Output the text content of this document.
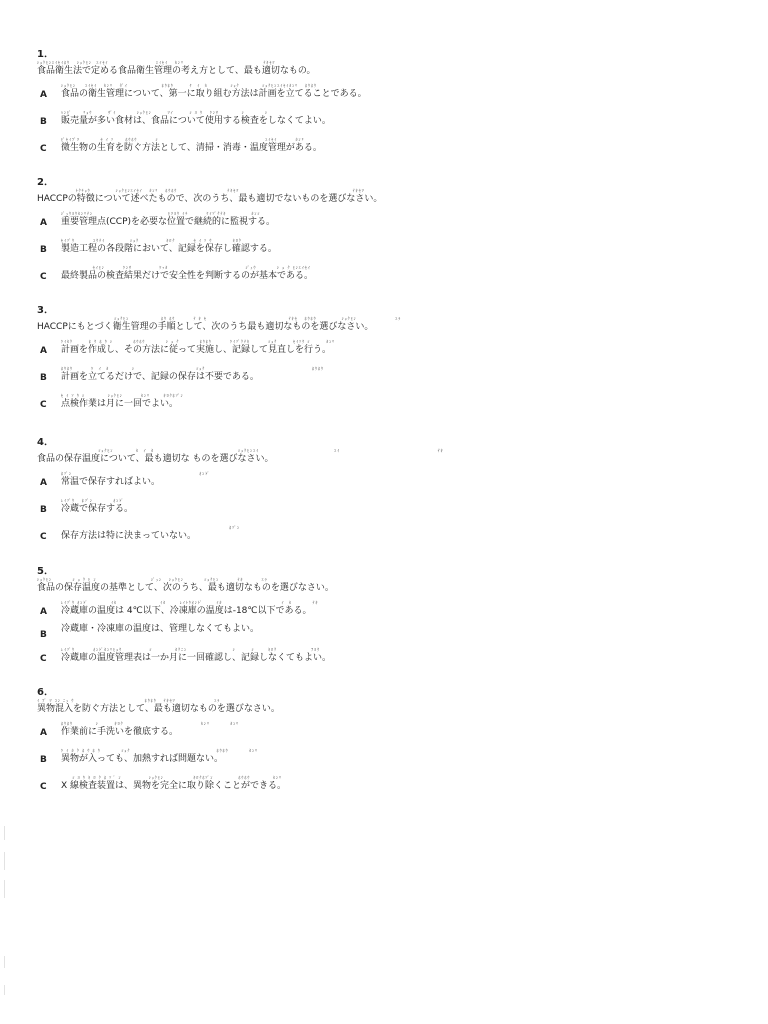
1．
ｼｮｸﾋﾝｴｲｾｲﾎｳ   ｼｮｸﾋﾝ  ｴｲｾｲ                     ｴｲｾｲ   ｶﾝﾘ                                   ﾃｷｾﾂ
食品衛生法で定める食品衛生管理の考え方として、最も適切なもの。
A
ｼｮｸﾋﾝ    ｴｲｾｲ   ｶﾝﾘ   ﾀﾞｲ               ﾎｳﾎｳ       ｹ  ｲ  ｶ          ｼｮｸ          ｼｮｸﾋﾝｴｲｾｲｶﾝﾘ   ﾎｳﾎｳ
食品の衛生管理について、第一に取り組む方法は計画を立てることである。
B
ﾊﾝﾋﾞ     ﾘｮｳ       ｻﾞｲ         ｼｮｸﾋﾝ       ﾂｲ       ｼ ﾖ ｳ   ｹﾝｻ          ｼ         ｼ
販売量が多い食材は、食品について使用する検査をしなくてよい。
C
ﾋﾞｾｲﾌﾞﾂ         ｾ ｲ ｿ     ﾎｳﾎｳ        ｼ                                               ｴｲｾｲ        ｶﾝﾘ
微生物の生育を防ぐ方法として、清掃・消毒・温度管理がある。
2．
ﾄｸﾁｮｳ           ｼｮｸﾋﾝｴｲｾｲ   ｶﾝﾘ   ﾎｳﾎｳ                      ﾃｷｾﾂ                                                  ﾃｷｾﾂ
HACCPの特徴について述べたもので、次のうち、最も適切でないものを選びなさい。
A
ｼﾞｭｳﾖｳｶﾝﾘﾃﾝ                                 ﾋﾂﾖｳ ｲﾁ        ｹｲｿﾞｸﾃｷ           ｶﾝｼ
重要管理点(CCP)を必要な位置で継続的に監視する。
B
ｾｲｿﾞｳ        ｺｳﾃｲ           ｼｮｸ            ｷﾛｸ        ｾ ｲ ｿ ｳ         ｷﾛｸ
製造工程の各段階において、記録を保存し確認する。
C
ｾｲﾋﾝ        ｹﾝｻ            ｹｯｶ                                  ｼﾞｭｳ         ｼ ｮ ｸ ﾋﾝｴｲｾｲ
最終製品の検査結果だけで安全性を判断するのが基本である。
3．
ｼｮｸﾋﾝ              ﾎｳ ﾎｳ        ﾃ ｷ ｾ                                    ﾃｷｾ   ﾎｳﾎｳ           ｼｮｸﾋﾝ                 ｴﾗ
HACCPにもとづく衛生管理の手順として、次のうち最も適切なものを選びなさい。
A
ｹｲｶｸ       ﾎ ｳ ﾎ ｳ ｼ         ﾎｳﾎｳ         ｼ ｮ ｸ         ﾎｳﾎｳ        ｹｲｿﾞｸﾃｷ        ｼｮｸ       ｾｲｿｳ ｼ       ｶﾝﾘ
計画を作成し、その方法に従って実施し、記録して見直しを行う。
B
ﾎｳﾎｳ        ｹ  ｲ  ｶ          ｼ                           ｼｮｸ                                               ﾎｳﾎｳ
計画を立てるだけで、記録の保存は不要である。
C
ｾ ｲ ｿ ｳ ｼ          ｼｮｸﾋﾝ        ｶﾝﾘ      ｷﾛｸﾎｿﾞﾝ
点検作業は月に一回でよい。
4．
ｼｮｸﾋﾝ          ｶ  ｲ  ｶ                                     ｼｮｸﾋﾝｴｲ                                 ｴｲ                                           ﾃｷ
食品の保存温度について、最も適切な ものを選びなさい。
A
ﾎｿﾞﾝ                                                        ｵﾝﾄﾞ
常温で保存すればよい。
B
ﾚｲｿﾞｳ   ﾎｿﾞﾝ         ｵﾝﾄﾞ
冷蔵で保存する。
C
ﾎｿﾞﾝ
保存方法は特に決まっていない。
5．
ｼｮｸﾋﾝ         ｼ ｮ ｸ ﾋ ﾝ                        ｼﾞｭﾝ   ｼｮｸﾋﾝ         ｼｮｸﾋﾝ        ﾃｷ        ｴﾗ
食品の保存温度の基準として、次のうち、最も適切なものを選びなさい。
A
ﾚｲｿﾞｳ ｵﾝﾄﾞ          ｲｶ                   ｲｶ      ﾚｲﾄｳｵﾝﾄﾞ      ｲｶ                          ｲ  ｶ         ﾃｷ
冷蔵庫の温度は 4℃以下、冷凍庫の温度は-18℃以下である。
B
冷蔵庫・冷凍庫の温度は、管理しなくてもよい。
C
ﾚｲｿﾞｳ        ｵﾝﾄﾞｶﾝﾘﾋｮｳ            ｼ          ｶｸﾆﾝ                    ｼ       ｼ      ｷﾛｸ               ﾌﾖｳ
冷蔵庫の温度管理表は一か月に一回確認し、記録しなくてもよい。
6．
ｲ ﾌﾞ ﾂ ｺﾝ ﾆｭ ｳ                               ﾎｳﾎｳ   ﾃｷｾﾂ                 ｴﾗ
異物混入を防ぐ方法として、最も適切なものを選びなさい。
A
ﾎｳﾎｳ          ｼ       ｷﾛｸ                                  ｶﾝﾘ         ｶﾝﾘ
作業前に手洗いを徹底する。
B
ｹ ｲ ｶ ｸ ﾎ ｳ ﾎ ｳ         ｼｮｸ                                      ﾎｳﾎｳ         ｶﾝﾘ
異物が入っても、加熱すれば問題ない。
C
ｼ ﾖ ｳ ｷ ﾛ ｸ ﾎ ｿ ﾞ ﾝ            ｼｮｸﾋﾝ             ｷﾛｸﾎｿﾞﾝ           ﾎｳﾎｳ          ｶﾝﾘ
X 線検査装置は、異物を完全に取り除くことができる。
